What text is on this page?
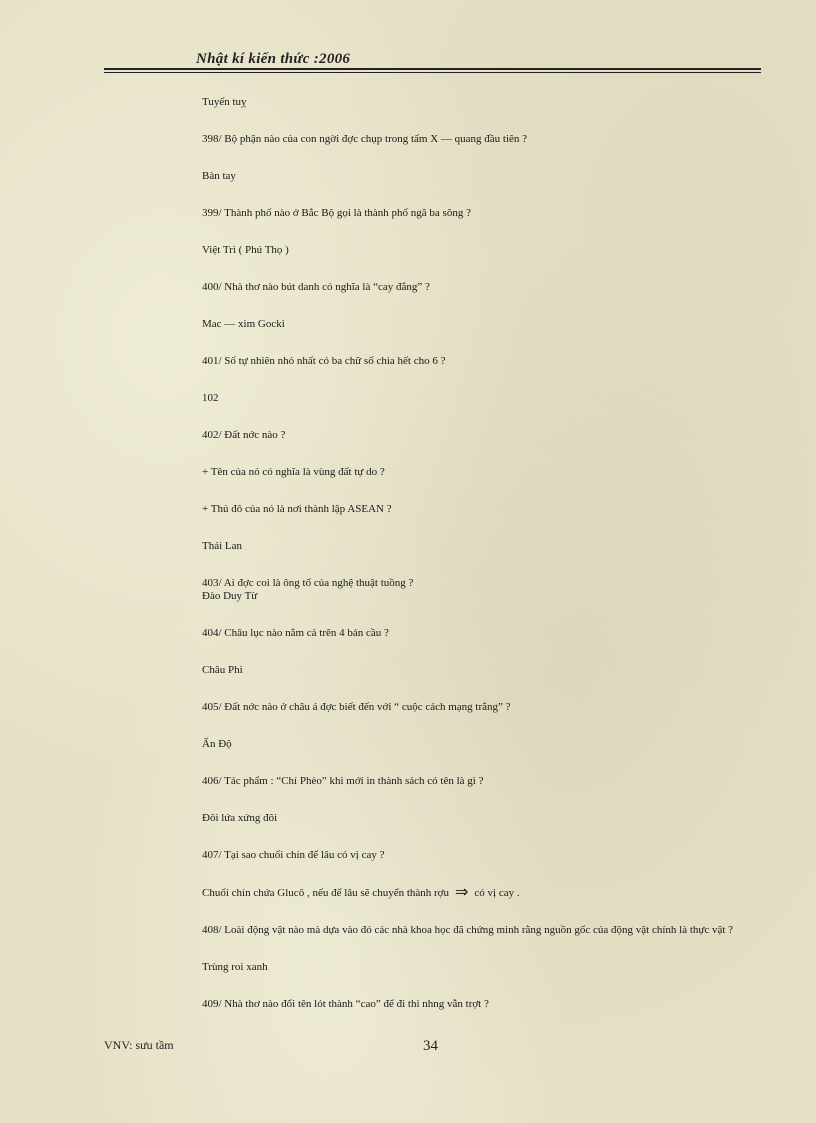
Nhật kí kiến thức :2006

Tuyến tuỵ

398/ Bộ phận nào của con ngời đợc chụp trong tấm X — quang đầu tiên ?

Bàn tay

399/ Thành phố nào ở Bắc Bộ gọi là thành phố ngã ba sông ?

Việt Trì ( Phú Thọ )

400/ Nhà thơ nào bút danh có nghĩa là “cay đắng” ?

Mac — xim Gocki

401/ Số tự nhiên nhỏ nhất có ba chữ số chia hết cho 6 ?

102

402/ Đất nớc nào ?

+ Tên của nó có nghĩa là vùng đất tự do ?

+ Thủ đô của nó là nơi thành lập ASEAN ?

Thái Lan

403/ Ai đợc coi là ông tổ của nghệ thuật tuồng ?

Đào Duy Từ

404/ Châu lục nào nằm cả trên 4 bán cầu ?

Châu Phi

405/ Đất nớc nào ở châu á đợc biết đến với “ cuộc cách mạng trắng” ?

Ấn Độ

406/ Tác phẩm : “Chí Phèo” khi mới in thành sách có tên là gì ?

Đôi lứa xứng đôi

407/ Tại sao chuối chín để lâu có vị cay ?

Chuối chín chứa Glucô , nếu để lâu sẽ chuyển thành rợu ⇒ có vị cay .

408/ Loài động vật nào mà dựa vào đó các nhà khoa học đã chứng minh rằng nguồn gốc của động vật chính là thực vật ?

Trùng roi xanh

409/ Nhà thơ nào đổi tên lót thành “cao” để đi thi nhng vẫn trợt ?

VNV: sưu tầm	34
